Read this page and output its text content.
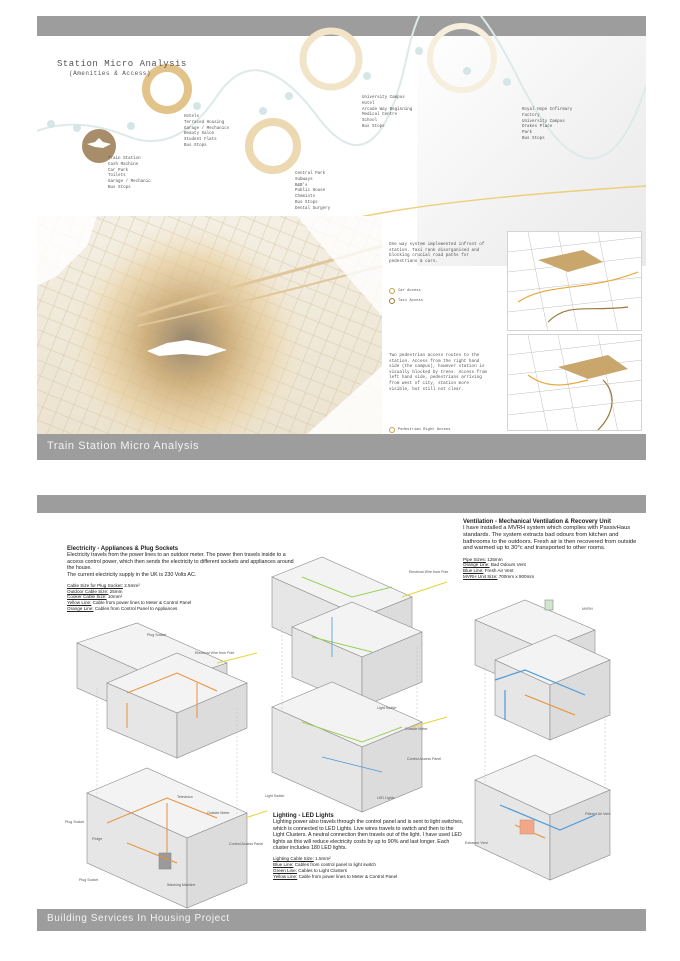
Station Micro Analysis
(Amenities & Access)
Train Station
Cash Machine
Car Park
Toilets
Garage / Mechanic
Bus Stops
Hotels
Terraced Housing
Garage / Mechanics
Beauty Salon
Student Flats
Bus Stops
Central Park
Subways
B&B's
Public House
Chemists
Bus Stops
Dental Surgery
University Campus
Hotel
Arcade Way Beginning
Medical Centre
School
Bus Stops
Royal Hope Infirmary
Factory
University Campus
Drakes Place
Park
Bus Stops
One way system implemented infront of station. Taxi rank disorganised and blocking crucial road paths for pedestrians & cars.
Car Access
Taxi Access
Two pedestrian access routes to the station. Access from the right hand side (the campus), however station is visually blocked by trees. Access from left hand side, pedestrians arriving from west of city, station more visible, but still not clear.
Pedestrian Right Access
Train Station Micro Analysis
Electricity - Appliances & Plug Sockets
Electricity travels from the power lines to an outdoor meter. The power then travels inside to a access control power, which then sends the electricity to different sockets and appliances around the house.
The current electricity supply in the UK is 230 Volts AC.
Cable Size for Plug Socket: 2.5mm²
Outdoor Cable Size: 25mm
Cooker Cable Size: 10mm²
Yellow Line: Cable from power lines to Meter & Control Panel
Orange Line: Cables from Control Panel to Appliances
Ventilation - Mechanical Ventilation & Recovery Unit
I have installed a MVRH system which complies with PassivHaus standards. The system extracts bad odours from kitchen and bathrooms to the outdoors. Fresh air is then recovered from outside and warmed up to 30°c and transported to other rooms.
Pipe Sizes: 125mm
Orange Line: Bad Odours Vent
Blue Line: Fresh Air Vent
MVRH Unit Size: 700mm x 900mm
Lighting - LED Lights
Lighting power also travels through the control panel and is sent to light switches, which is connected to LED Lights. Live wires travels to switch and then to the Light Clusters. A neutral connection then travels out of the light. I have used LED lights as this will reduce electricity costs by up to 90% and last longer. Each cluster includes 180 LED lights.
Lighting Cable Size: 1.5mm²
Blue Line: Cables from control panel to light switch
Green Line: Cables to Light Clusters
Yellow Line: Cable from power lines to Meter & Control Panel
Plug Socket
Electrical Wire from Pole
Television
Outside Meter
Plug Socket
Fridge
Control Access Panel
Plug Socket
Washing Machine
Electrical Wire from Pole
Light Switch
Outside Meter
Control Access Panel
Light Switch	LED Lights
MVRH
Filtered Air Vent
Extractor Vent
Building Services In Housing Project
